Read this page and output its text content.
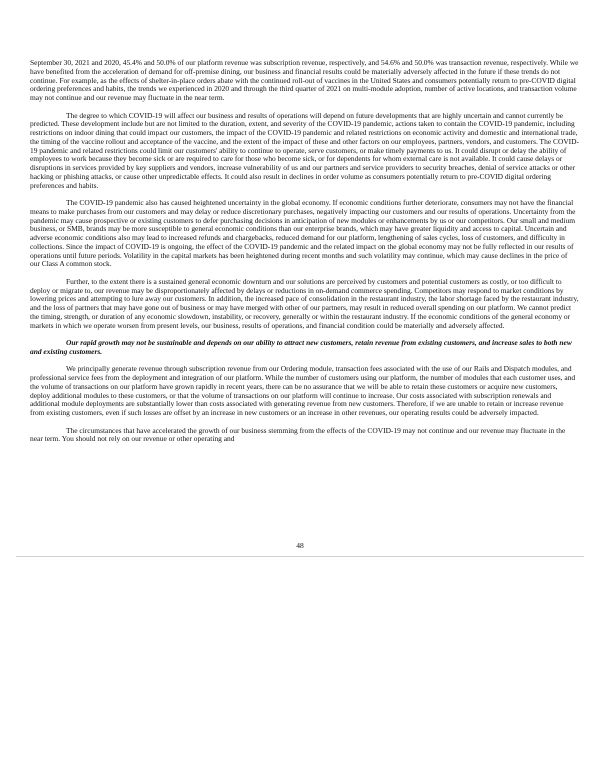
September 30, 2021 and 2020, 45.4% and 50.0% of our platform revenue was subscription revenue, respectively, and 54.6% and 50.0% was transaction revenue, respectively. While we have benefited from the acceleration of demand for off-premise dining, our business and financial results could be materially adversely affected in the future if these trends do not continue. For example, as the effects of shelter-in-place orders abate with the continued roll-out of vaccines in the United States and consumers potentially return to pre-COVID digital ordering preferences and habits, the trends we experienced in 2020 and through the third quarter of 2021 on multi-module adoption, number of active locations, and transaction volume may not continue and our revenue may fluctuate in the near term.

The degree to which COVID-19 will affect our business and results of operations will depend on future developments that are highly uncertain and cannot currently be predicted. These development include but are not limited to the duration, extent, and severity of the COVID-19 pandemic, actions taken to contain the COVID-19 pandemic, including restrictions on indoor dining that could impact our customers, the impact of the COVID-19 pandemic and related restrictions on economic activity and domestic and international trade, the timing of the vaccine rollout and acceptance of the vaccine, and the extent of the impact of these and other factors on our employees, partners, vendors, and customers. The COVID-19 pandemic and related restrictions could limit our customers' ability to continue to operate, serve customers, or make timely payments to us. It could disrupt or delay the ability of employees to work because they become sick or are required to care for those who become sick, or for dependents for whom external care is not available. It could cause delays or disruptions in services provided by key suppliers and vendors, increase vulnerability of us and our partners and service providers to security breaches, denial of service attacks or other hacking or phishing attacks, or cause other unpredictable effects. It could also result in declines in order volume as consumers potentially return to pre-COVID digital ordering preferences and habits.

The COVID-19 pandemic also has caused heightened uncertainty in the global economy. If economic conditions further deteriorate, consumers may not have the financial means to make purchases from our customers and may delay or reduce discretionary purchases, negatively impacting our customers and our results of operations. Uncertainty from the pandemic may cause prospective or existing customers to defer purchasing decisions in anticipation of new modules or enhancements by us or our competitors. Our small and medium business, or SMB, brands may be more susceptible to general economic conditions than our enterprise brands, which may have greater liquidity and access to capital. Uncertain and adverse economic conditions also may lead to increased refunds and chargebacks, reduced demand for our platform, lengthening of sales cycles, loss of customers, and difficulty in collections. Since the impact of COVID-19 is ongoing, the effect of the COVID-19 pandemic and the related impact on the global economy may not be fully reflected in our results of operations until future periods. Volatility in the capital markets has been heightened during recent months and such volatility may continue, which may cause declines in the price of our Class A common stock.

Further, to the extent there is a sustained general economic downturn and our solutions are perceived by customers and potential customers as costly, or too difficult to deploy or migrate to, our revenue may be disproportionately affected by delays or reductions in on-demand commerce spending. Competitors may respond to market conditions by lowering prices and attempting to lure away our customers. In addition, the increased pace of consolidation in the restaurant industry, the labor shortage faced by the restaurant industry, and the loss of partners that may have gone out of business or may have merged with other of our partners, may result in reduced overall spending on our platform. We cannot predict the timing, strength, or duration of any economic slowdown, instability, or recovery, generally or within the restaurant industry. If the economic conditions of the general economy or markets in which we operate worsen from present levels, our business, results of operations, and financial condition could be materially and adversely affected.

Our rapid growth may not be sustainable and depends on our ability to attract new customers, retain revenue from existing customers, and increase sales to both new and existing customers.

We principally generate revenue through subscription revenue from our Ordering module, transaction fees associated with the use of our Rails and Dispatch modules, and professional service fees from the deployment and integration of our platform. While the number of customers using our platform, the number of modules that each customer uses, and the volume of transactions on our platform have grown rapidly in recent years, there can be no assurance that we will be able to retain these customers or acquire new customers, deploy additional modules to these customers, or that the volume of transactions on our platform will continue to increase. Our costs associated with subscription renewals and additional module deployments are substantially lower than costs associated with generating revenue from new customers. Therefore, if we are unable to retain or increase revenue from existing customers, even if such losses are offset by an increase in new customers or an increase in other revenues, our operating results could be adversely impacted.

The circumstances that have accelerated the growth of our business stemming from the effects of the COVID-19 may not continue and our revenue may fluctuate in the near term. You should not rely on our revenue or other operating and

48
